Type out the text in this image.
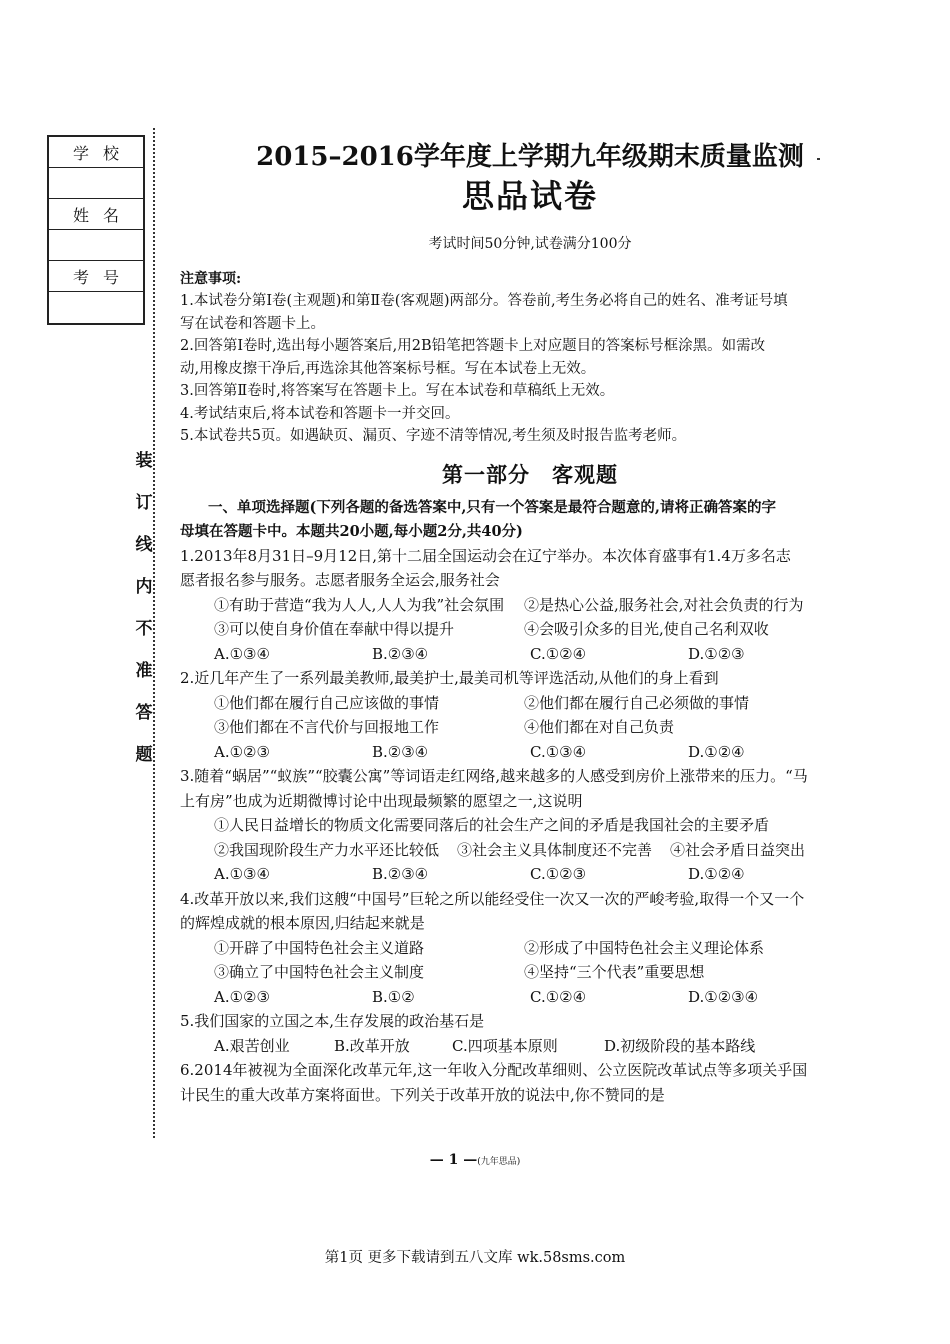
学校
姓名
考号
装
订
线
内
不
准
答
题
2015–2016学年度上学期九年级期末质量监测
思品试卷
考试时间50分钟,试卷满分100分
注意事项:
1.本试卷分第Ⅰ卷(主观题)和第Ⅱ卷(客观题)两部分。答卷前,考生务必将自己的姓名、准考证号填
写在试卷和答题卡上。
2.回答第Ⅰ卷时,选出每小题答案后,用2B铅笔把答题卡上对应题目的答案标号框涂黑。如需改
动,用橡皮擦干净后,再选涂其他答案标号框。写在本试卷上无效。
3.回答第Ⅱ卷时,将答案写在答题卡上。写在本试卷和草稿纸上无效。
4.考试结束后,将本试卷和答题卡一并交回。
5.本试卷共5页。如遇缺页、漏页、字迹不清等情况,考生须及时报告监考老师。
第一部分　客观题
一、单项选择题(下列各题的备选答案中,只有一个答案是最符合题意的,请将正确答案的字
母填在答题卡中。本题共20小题,每小题2分,共40分)
1.2013年8月31日–9月12日,第十二届全国运动会在辽宁举办。本次体育盛事有1.4万多名志
愿者报名参与服务。志愿者服务全运会,服务社会
①有助于营造“我为人人,人人为我”社会氛围	②是热心公益,服务社会,对社会负责的行为
③可以使自身价值在奉献中得以提升	④会吸引众多的目光,使自己名利双收
A.①③④	B.②③④	C.①②④	D.①②③
2.近几年产生了一系列最美教师,最美护士,最美司机等评选活动,从他们的身上看到
①他们都在履行自己应该做的事情	②他们都在履行自己必须做的事情
③他们都在不言代价与回报地工作	④他们都在对自己负责
A.①②③	B.②③④	C.①③④	D.①②④
3.随着“蜗居”“蚁族”“胶囊公寓”等词语走红网络,越来越多的人感受到房价上涨带来的压力。“马
上有房”也成为近期微博讨论中出现最频繁的愿望之一,这说明
①人民日益增长的物质文化需要同落后的社会生产之间的矛盾是我国社会的主要矛盾
②我国现阶段生产力水平还比较低 ③社会主义具体制度还不完善 ④社会矛盾日益突出
A.①③④	B.②③④	C.①②③	D.①②④
4.改革开放以来,我们这艘“中国号”巨轮之所以能经受住一次又一次的严峻考验,取得一个又一个
的辉煌成就的根本原因,归结起来就是
①开辟了中国特色社会主义道路	②形成了中国特色社会主义理论体系
③确立了中国特色社会主义制度	④坚持“三个代表”重要思想
A.①②③	B.①②	C.①②④	D.①②③④
5.我们国家的立国之本,生存发展的政治基石是
A.艰苦创业	B.改革开放	C.四项基本原则	D.初级阶段的基本路线
6.2014年被视为全面深化改革元年,这一年收入分配改革细则、公立医院改革试点等多项关乎国
计民生的重大改革方案将面世。下列关于改革开放的说法中,你不赞同的是
— 1 —(九年思品)
第1页 更多下载请到五八文库 wk.58sms.com
